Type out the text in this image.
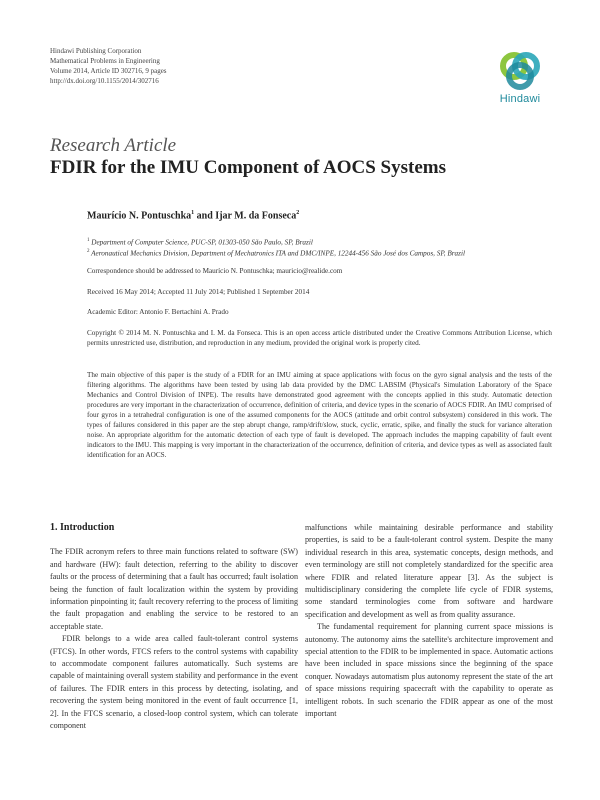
Hindawi Publishing Corporation
Mathematical Problems in Engineering
Volume 2014, Article ID 302716, 9 pages
http://dx.doi.org/10.1155/2014/302716
Hindawi
Research Article
FDIR for the IMU Component of AOCS Systems
Maurício N. Pontuschka$^1$ and Ijar M. da Fonseca$^2$
$^1$ Department of Computer Science, PUC-SP, 01303-050 São Paulo, SP, Brazil
$^2$ Aeronautical Mechanics Division, Department of Mechatronics ITA and DMC/INPE, 12244-456 São José dos Campos, SP, Brazil
Correspondence should be addressed to Maurício N. Pontuschka; mauricio@realide.com
Received 16 May 2014; Accepted 11 July 2014; Published 1 September 2014
Academic Editor: Antonio F. Bertachini A. Prado
Copyright © 2014 M. N. Pontuschka and I. M. da Fonseca. This is an open access article distributed under the Creative Commons Attribution License, which permits unrestricted use, distribution, and reproduction in any medium, provided the original work is properly cited.
The main objective of this paper is the study of a FDIR for an IMU aiming at space applications with focus on the gyro signal analysis and the tests of the filtering algorithms. The algorithms have been tested by using lab data provided by the DMC LABSIM (Physical's Simulation Laboratory of the Space Mechanics and Control Division of INPE). The results have demonstrated good agreement with the concepts applied in this study. Automatic detection procedures are very important in the characterization of occurrence, definition of criteria, and device types in the scenario of AOCS FDIR. An IMU comprised of four gyros in a tetrahedral configuration is one of the assumed components for the AOCS (attitude and orbit control subsystem) considered in this work. The types of failures considered in this paper are the step abrupt change, ramp/drift/slow, stuck, cyclic, erratic, spike, and finally the stuck for variance alteration noise. An appropriate algorithm for the automatic detection of each type of fault is developed. The approach includes the mapping capability of fault event indicators to the IMU. This mapping is very important in the characterization of the occurrence, definition of criteria, and device types as well as associated fault identification for an AOCS.
1. Introduction

The FDIR acronym refers to three main functions related to software (SW) and hardware (HW): fault detection, referring to the ability to discover faults or the process of determining that a fault has occurred; fault isolation being the function of fault localization within the system by providing information pinpointing it; fault recovery referring to the process of limiting the fault propagation and enabling the service to be restored to an acceptable state.

FDIR belongs to a wide area called fault-tolerant control systems (FTCS). In other words, FTCS refers to the control systems with capability to accommodate component failures automatically. Such systems are capable of maintaining overall system stability and performance in the event of failures. The FDIR enters in this process by detecting, isolating, and recovering the system being monitored in the event of fault occurrence [1, 2]. In the FTCS scenario, a closed-loop control system, which can tolerate component

malfunctions while maintaining desirable performance and stability properties, is said to be a fault-tolerant control system. Despite the many individual research in this area, systematic concepts, design methods, and even terminology are still not completely standardized for the specific area where FDIR and related literature appear [3]. As the subject is multidisciplinary considering the complete life cycle of FDIR systems, some standard terminologies come from software and hardware specification and development as well as from quality assurance.

The fundamental requirement for planning current space missions is autonomy. The autonomy aims the satellite's architecture improvement and special attention to the FDIR to be implemented in space. Automatic actions have been included in space missions since the beginning of the space conquer. Nowadays automatism plus autonomy represent the state of the art of space missions requiring spacecraft with the capability to operate as intelligent robots. In such scenario the FDIR appear as one of the most important
